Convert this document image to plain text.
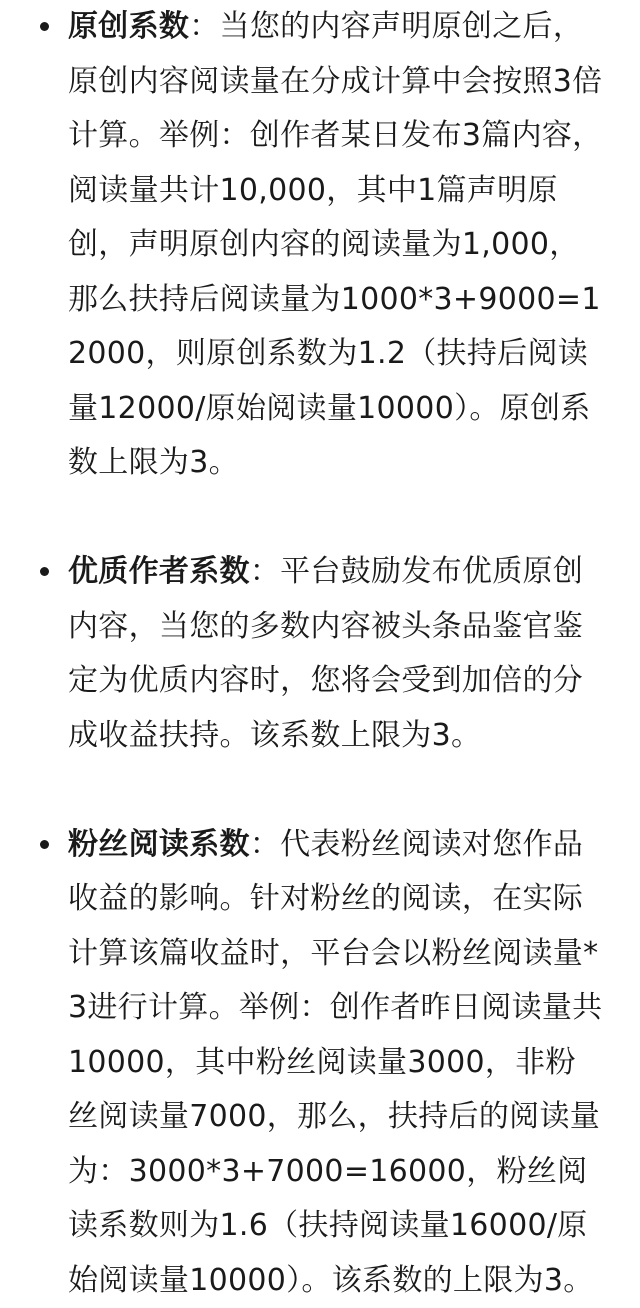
原创系数：当您的内容声明原创之后，原创内容阅读量在分成计算中会按照3倍计算。举例：创作者某日发布3篇内容，阅读量共计10,000，其中1篇声明原创，声明原创内容的阅读量为1,000，那么扶持后阅读量为1000*3+9000=12000，则原创系数为1.2（扶持后阅读量12000/原始阅读量10000）。原创系数上限为3。

优质作者系数：平台鼓励发布优质原创内容，当您的多数内容被头条品鉴官鉴定为优质内容时，您将会受到加倍的分成收益扶持。该系数上限为3。

粉丝阅读系数：代表粉丝阅读对您作品收益的影响。针对粉丝的阅读，在实际计算该篇收益时，平台会以粉丝阅读量*3进行计算。举例：创作者昨日阅读量共10000，其中粉丝阅读量3000，非粉丝阅读量7000，那么，扶持后的阅读量为：3000*3+7000=16000，粉丝阅读系数则为1.6（扶持阅读量16000/原始阅读量10000）。该系数的上限为3。
